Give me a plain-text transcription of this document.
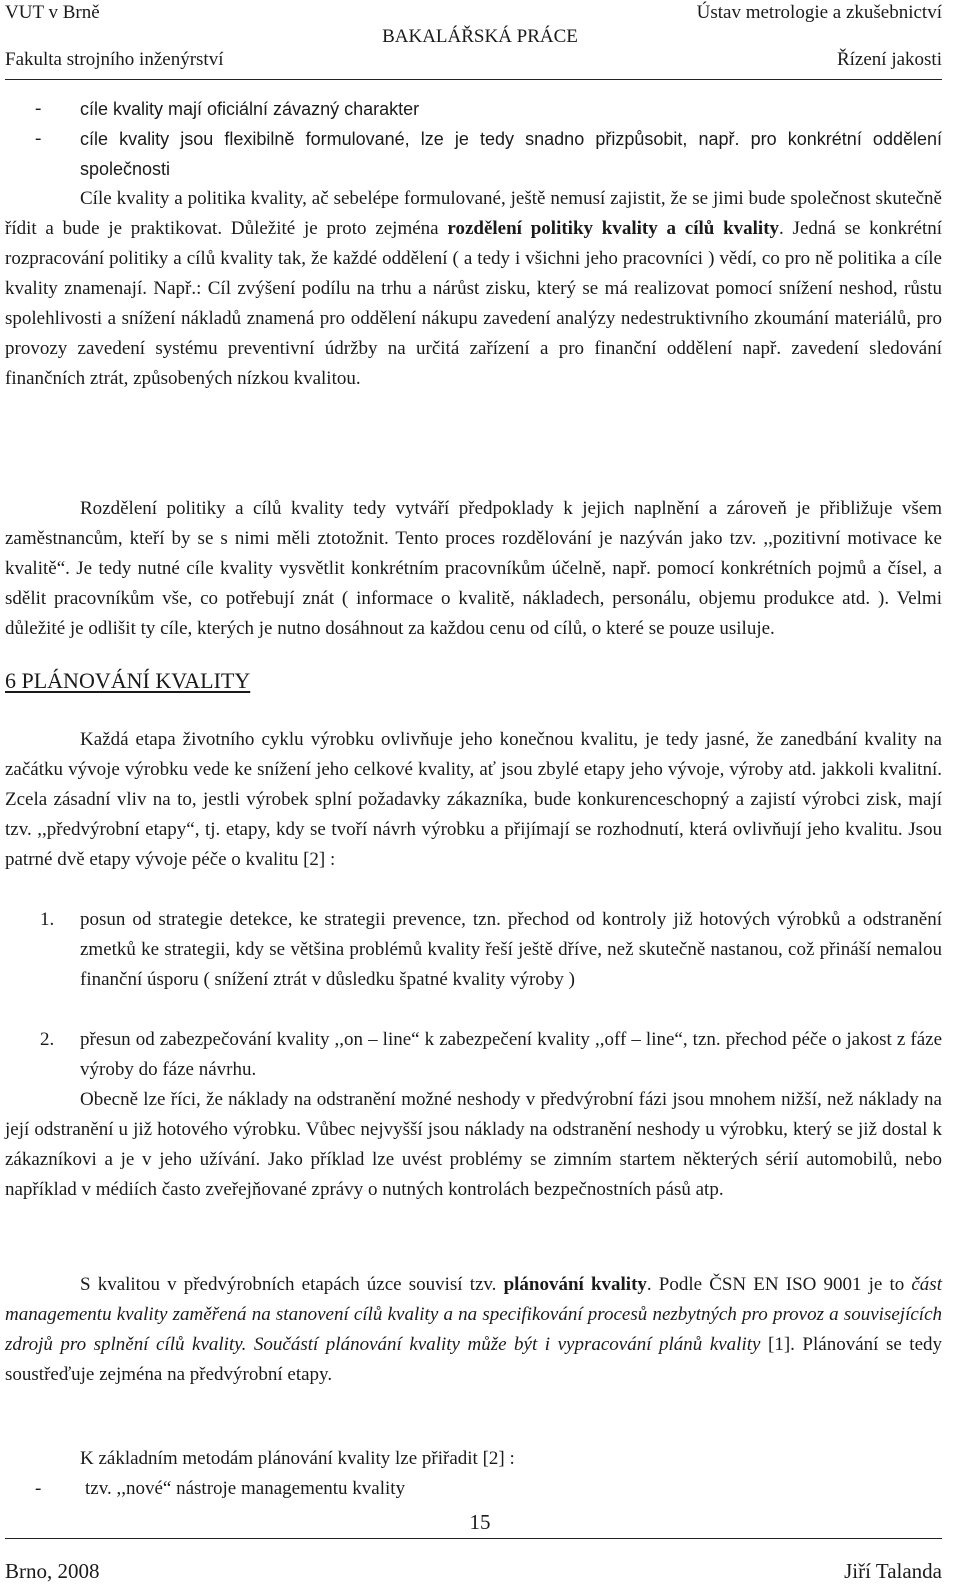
VUT v Brně	Ústav metrologie a zkušebnictví
BAKALÁŘSKÁ PRÁCE
Fakulta strojního inženýrství	Řízení jakosti
- cíle kvality mají oficiální závazný charakter
- cíle kvality jsou flexibilně formulované, lze je tedy snadno přizpůsobit, např. pro konkrétní oddělení společnosti
Cíle kvality a politika kvality, ač sebelépe formulované, ještě nemusí zajistit, že se jimi bude společnost skutečně řídit a bude je praktikovat. Důležité je proto zejména rozdělení politiky kvality a cílů kvality. Jedná se konkrétní rozpracování politiky a cílů kvality tak, že každé oddělení ( a tedy i všichni jeho pracovníci ) vědí, co pro ně politika a cíle kvality znamenají. Např.: Cíl zvýšení podílu na trhu a nárůst zisku, který se má realizovat pomocí snížení neshod, růstu spolehlivosti a snížení nákladů znamená pro oddělení nákupu zavedení analýzy nedestruktivního zkoumání materiálů, pro provozy zavedení systému preventivní údržby na určitá zařízení a pro finanční oddělení např. zavedení sledování finančních ztrát, způsobených nízkou kvalitou.
Rozdělení politiky a cílů kvality tedy vytváří předpoklady k jejich naplnění a zároveň je přibližuje všem zaměstnancům, kteří by se s nimi měli ztotožnit. Tento proces rozdělování je nazýván jako tzv. ,,pozitivní motivace ke kvalitě“. Je tedy nutné cíle kvality vysvětlit konkrétním pracovníkům účelně, např. pomocí konkrétních pojmů a čísel, a sdělit pracovníkům vše, co potřebují znát ( informace o kvalitě, nákladech, personálu, objemu produkce atd. ). Velmi důležité je odlišit ty cíle, kterých je nutno dosáhnout za každou cenu od cílů, o které se pouze usiluje.
6 PLÁNOVÁNÍ KVALITY
Každá etapa životního cyklu výrobku ovlivňuje jeho konečnou kvalitu, je tedy jasné, že zanedbání kvality na začátku vývoje výrobku vede ke snížení jeho celkové kvality, ať jsou zbylé etapy jeho vývoje, výroby atd. jakkoli kvalitní. Zcela zásadní vliv na to, jestli výrobek splní požadavky zákazníka, bude konkurenceschopný a zajistí výrobci zisk, mají tzv. ,,předvýrobní etapy“, tj. etapy, kdy se tvoří návrh výrobku a přijímají se rozhodnutí, která ovlivňují jeho kvalitu. Jsou patrné dvě etapy vývoje péče o kvalitu [2] :
1. posun od strategie detekce, ke strategii prevence, tzn. přechod od kontroly již hotových výrobků a odstranění zmetků ke strategii, kdy se většina problémů kvality řeší ještě dříve, než skutečně nastanou, což přináší nemalou finanční úsporu ( snížení ztrát v důsledku špatné kvality výroby )
2. přesun od zabezpečování kvality ,,on – line“ k zabezpečení kvality ,,off – line“, tzn. přechod péče o jakost z fáze výroby do fáze návrhu.
Obecně lze říci, že náklady na odstranění možné neshody v předvýrobní fázi jsou mnohem nižší, než náklady na její odstranění u již hotového výrobku. Vůbec nejvyšší jsou náklady na odstranění neshody u výrobku, který se již dostal k zákazníkovi a je v jeho užívání. Jako příklad lze uvést problémy se zimním startem některých sérií automobilů, nebo například v médiích často zveřejňované zprávy o nutných kontrolách bezpečnostních pásů atp.
S kvalitou v předvýrobních etapách úzce souvisí tzv. plánování kvality. Podle ČSN EN ISO 9001 je to část managementu kvality zaměřená na stanovení cílů kvality a na specifikování procesů nezbytných pro provoz a souvisejících zdrojů pro splnění cílů kvality. Součástí plánování kvality může být i vypracování plánů kvality [1]. Plánování se tedy soustřeďuje zejména na předvýrobní etapy.
K základním metodám plánování kvality lze přiřadit [2] :
- tzv. ,,nové“ nástroje managementu kvality
15
Brno, 2008	Jiří Talanda
